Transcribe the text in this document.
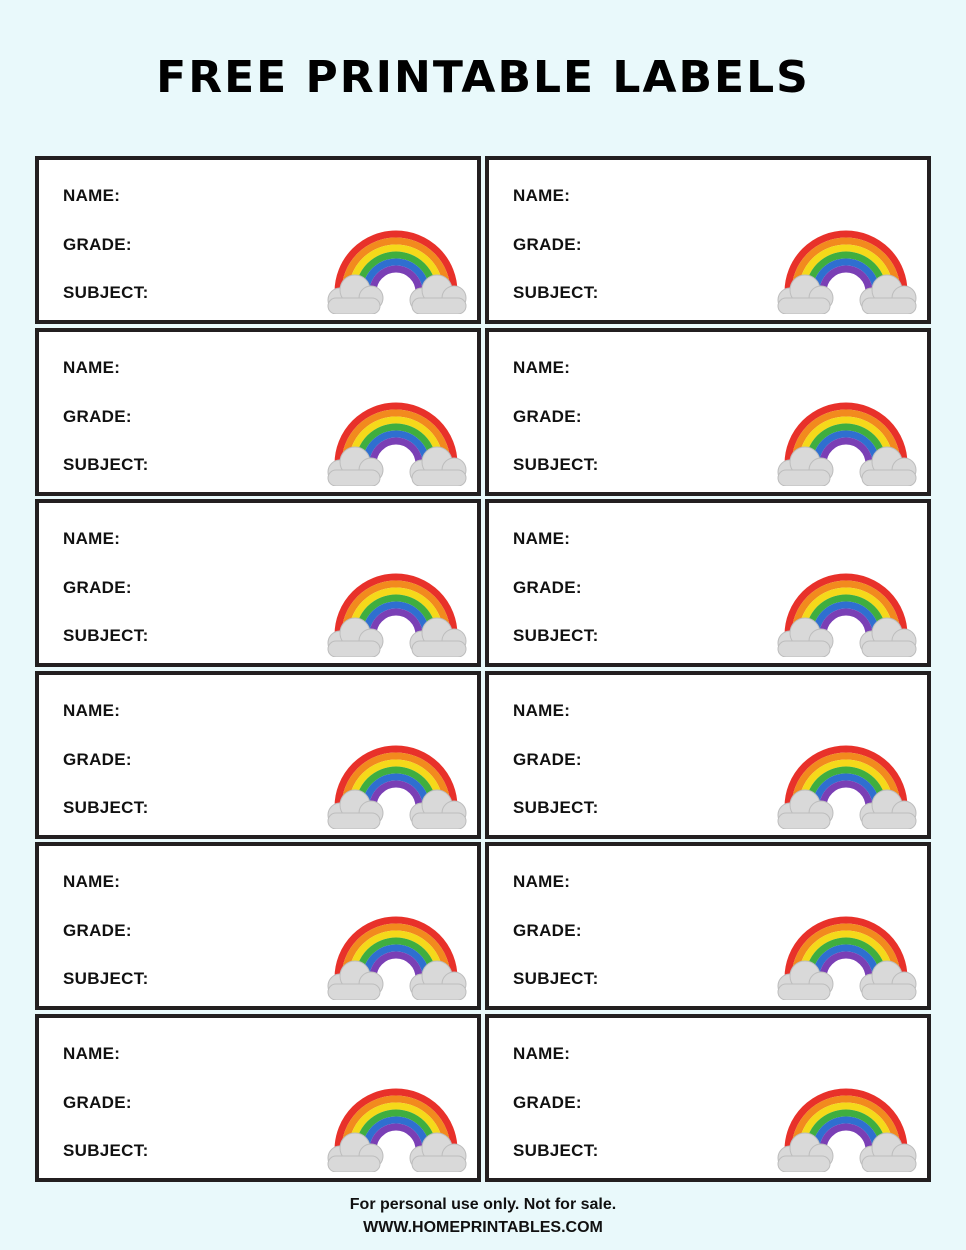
FREE PRINTABLE LABELS
NAME:
GRADE:
SUBJECT:
NAME:
GRADE:
SUBJECT:
NAME:
GRADE:
SUBJECT:
NAME:
GRADE:
SUBJECT:
NAME:
GRADE:
SUBJECT:
NAME:
GRADE:
SUBJECT:
NAME:
GRADE:
SUBJECT:
NAME:
GRADE:
SUBJECT:
NAME:
GRADE:
SUBJECT:
NAME:
GRADE:
SUBJECT:
NAME:
GRADE:
SUBJECT:
NAME:
GRADE:
SUBJECT:
For personal use only. Not for sale.
WWW.HOMEPRINTABLES.COM
